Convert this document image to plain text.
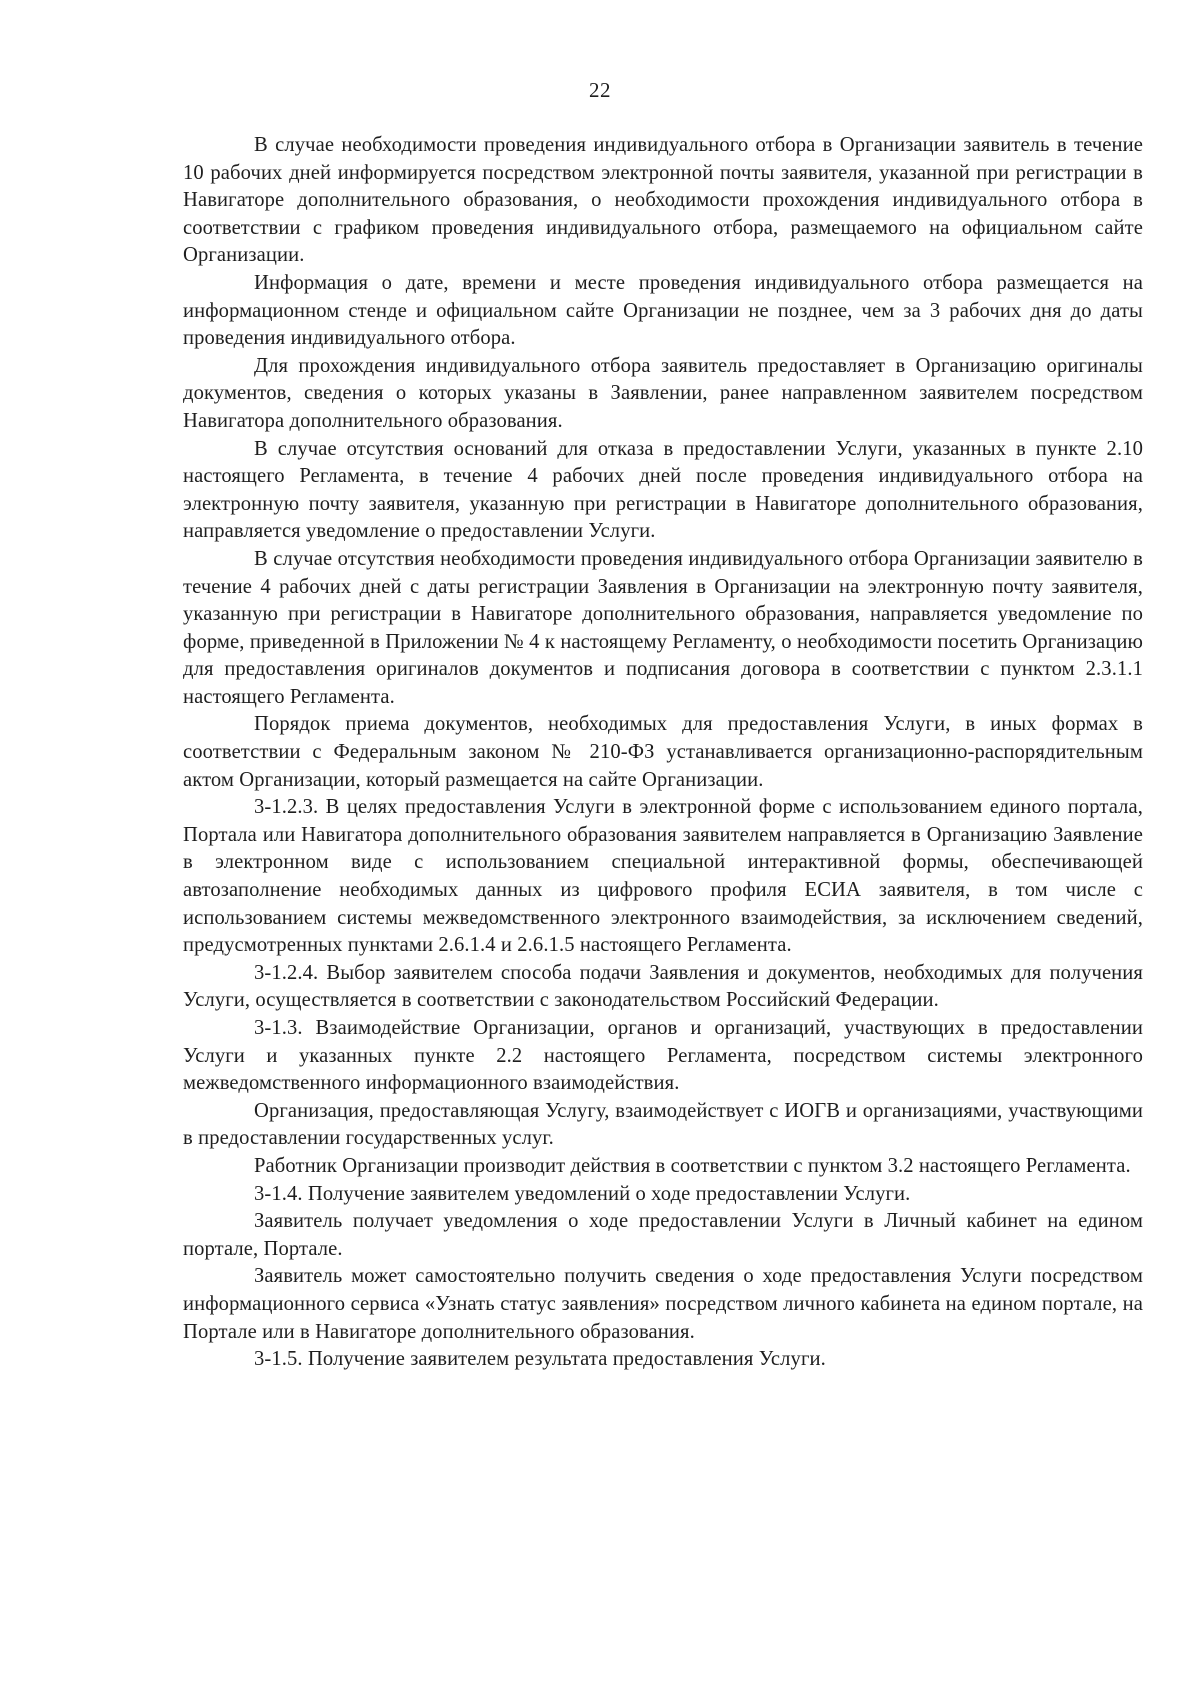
22

В случае необходимости проведения индивидуального отбора в Организации заявитель в течение 10 рабочих дней информируется посредством электронной почты заявителя, указанной при регистрации в Навигаторе дополнительного образования, о необходимости прохождения индивидуального отбора в соответствии с графиком проведения индивидуального отбора, размещаемого на официальном сайте Организации.

Информация о дате, времени и месте проведения индивидуального отбора размещается на информационном стенде и официальном сайте Организации не позднее, чем за 3 рабочих дня до даты проведения индивидуального отбора.

Для прохождения индивидуального отбора заявитель предоставляет в Организацию оригиналы документов, сведения о которых указаны в Заявлении, ранее направленном заявителем посредством Навигатора дополнительного образования.

В случае отсутствия оснований для отказа в предоставлении Услуги, указанных в пункте 2.10 настоящего Регламента, в течение 4 рабочих дней после проведения индивидуального отбора на электронную почту заявителя, указанную при регистрации в Навигаторе дополнительного образования, направляется уведомление о предоставлении Услуги.

В случае отсутствия необходимости проведения индивидуального отбора Организации заявителю в течение 4 рабочих дней с даты регистрации Заявления в Организации на электронную почту заявителя, указанную при регистрации в Навигаторе дополнительного образования, направляется уведомление по форме, приведенной в Приложении № 4 к настоящему Регламенту, о необходимости посетить Организацию для предоставления оригиналов документов и подписания договора в соответствии с пунктом 2.3.1.1 настоящего Регламента.

Порядок приема документов, необходимых для предоставления Услуги, в иных формах в соответствии с Федеральным законом № 210-ФЗ устанавливается организационно-распорядительным актом Организации, который размещается на сайте Организации.

3-1.2.3. В целях предоставления Услуги в электронной форме с использованием единого портала, Портала или Навигатора дополнительного образования заявителем направляется в Организацию Заявление в электронном виде с использованием специальной интерактивной формы, обеспечивающей автозаполнение необходимых данных из цифрового профиля ЕСИА заявителя, в том числе с использованием системы межведомственного электронного взаимодействия, за исключением сведений, предусмотренных пунктами 2.6.1.4 и 2.6.1.5 настоящего Регламента.

3-1.2.4. Выбор заявителем способа подачи Заявления и документов, необходимых для получения Услуги, осуществляется в соответствии с законодательством Российский Федерации.

3-1.3. Взаимодействие Организации, органов и организаций, участвующих в предоставлении Услуги и указанных пункте 2.2 настоящего Регламента, посредством системы электронного межведомственного информационного взаимодействия.

Организация, предоставляющая Услугу, взаимодействует с ИОГВ и организациями, участвующими в предоставлении государственных услуг.

Работник Организации производит действия в соответствии с пунктом 3.2 настоящего Регламента.

3-1.4. Получение заявителем уведомлений о ходе предоставлении Услуги.

Заявитель получает уведомления о ходе предоставлении Услуги в Личный кабинет на едином портале, Портале.

Заявитель может самостоятельно получить сведения о ходе предоставления Услуги посредством информационного сервиса «Узнать статус заявления» посредством личного кабинета на едином портале, на Портале или в Навигаторе дополнительного образования.

3-1.5. Получение заявителем результата предоставления Услуги.
